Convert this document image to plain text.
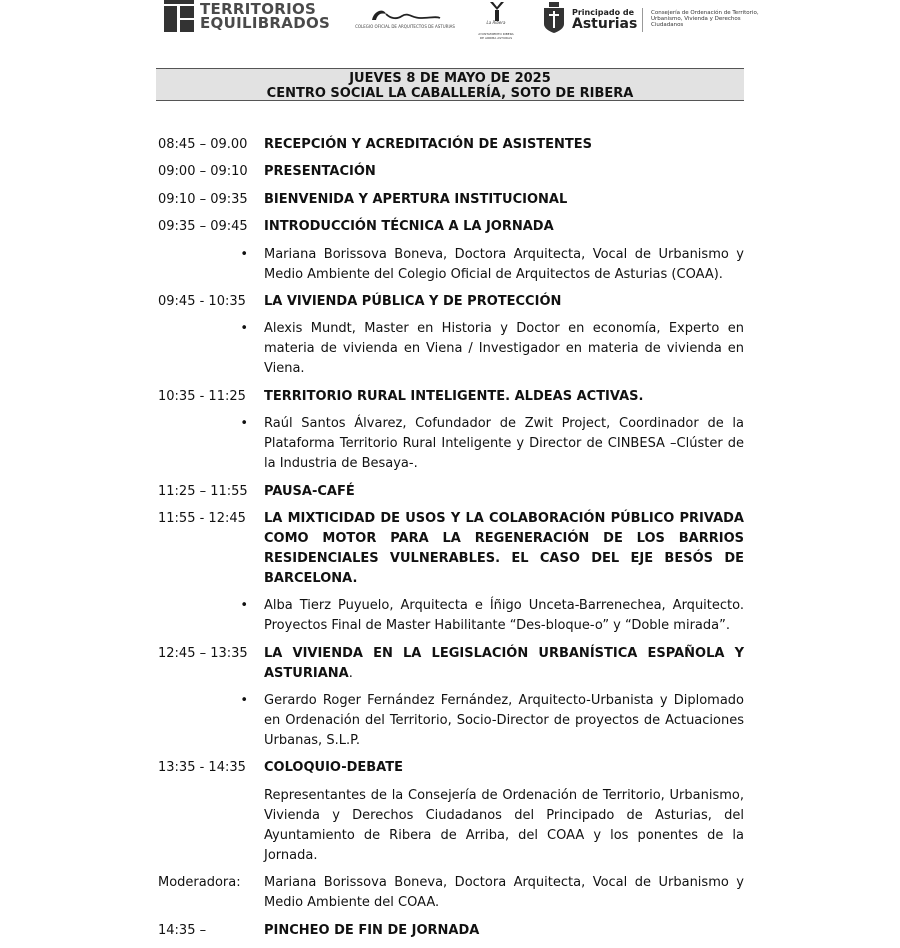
TERRITORIOS
EQUILIBRADOS	COLEGIO OFICIAL DE ARQUITECTOS DE ASTURIAS
La Ribera
AYUNTAMIENTO RIBERA DE ARRIBA ASTURIAS
Principado de
Asturias
Consejería de Ordenación de Territorio, Urbanismo, Vivienda y Derechos Ciudadanos
JUEVES 8 DE MAYO DE 2025
CENTRO SOCIAL LA CABALLERÍA, SOTO DE RIBERA
08:45 – 09.00	RECEPCIÓN Y ACREDITACIÓN DE ASISTENTES
09:00 – 09:10	PRESENTACIÓN
09:10 – 09:35	BIENVENIDA Y APERTURA INSTITUCIONAL
09:35 – 09:45	INTRODUCCIÓN TÉCNICA A LA JORNADA
•
Mariana Borissova Boneva, Doctora Arquitecta, Vocal de Urbanismo y Medio Ambiente del Colegio Oficial de Arquitectos de Asturias (COAA).
09:45 - 10:35	LA VIVIENDA PÚBLICA Y DE PROTECCIÓN
•
Alexis Mundt, Master en Historia y Doctor en economía, Experto en materia de vivienda en Viena / Investigador en materia de vivienda en Viena.
10:35 - 11:25	TERRITORIO RURAL INTELIGENTE. ALDEAS ACTIVAS.
•
Raúl Santos Álvarez, Cofundador de Zwit Project, Coordinador de la Plataforma Territorio Rural Inteligente y Director de CINBESA –Clúster de la Industria de Besaya-.
11:25 – 11:55	PAUSA-CAFÉ
11:55 - 12:45	LA MIXTICIDAD DE USOS Y LA COLABORACIÓN PÚBLICO PRIVADA COMO MOTOR PARA LA REGENERACIÓN DE LOS BARRIOS RESIDENCIALES VULNERABLES. EL CASO DEL EJE BESÓS DE BARCELONA.
•
Alba Tierz Puyuelo, Arquitecta e Íñigo Unceta-Barrenechea, Arquitecto. Proyectos Final de Master Habilitante “Des-bloque-o” y “Doble mirada”.
12:45 – 13:35	LA VIVIENDA EN LA LEGISLACIÓN URBANÍSTICA ESPAÑOLA Y ASTURIANA.
•
Gerardo Roger Fernández Fernández, Arquitecto-Urbanista y Diplomado en Ordenación del Territorio, Socio-Director de proyectos de Actuaciones Urbanas, S.L.P.
13:35 - 14:35	COLOQUIO-DEBATE
Representantes de la Consejería de Ordenación de Territorio, Urbanismo, Vivienda y Derechos Ciudadanos del Principado de Asturias, del Ayuntamiento de Ribera de Arriba, del COAA y los ponentes de la Jornada.
Moderadora:	Mariana Borissova Boneva, Doctora Arquitecta, Vocal de Urbanismo y Medio Ambiente del COAA.
14:35 –	PINCHEO DE FIN DE JORNADA
